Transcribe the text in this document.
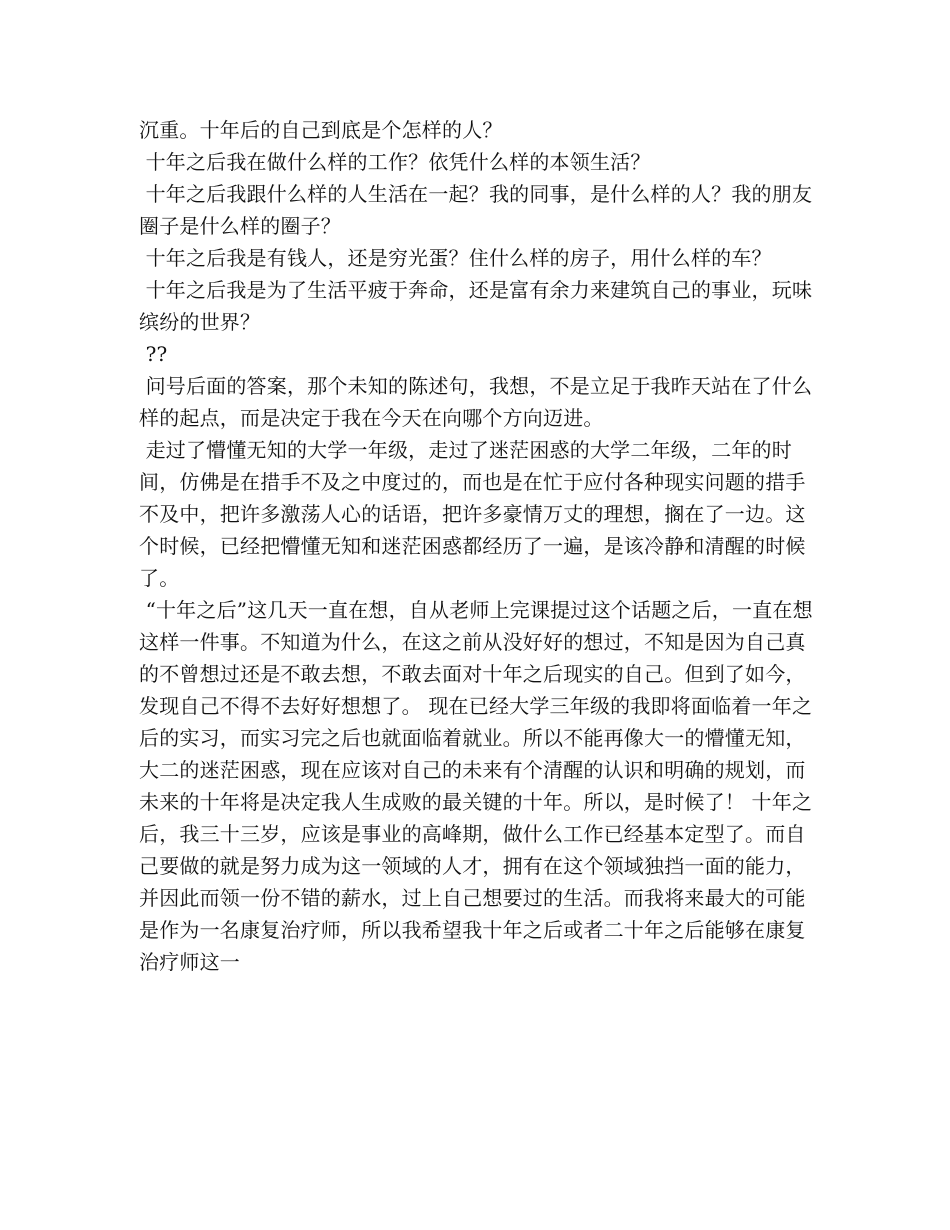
沉重。十年后的自己到底是个怎样的人？

十年之后我在做什么样的工作？依凭什么样的本领生活？

十年之后我跟什么样的人生活在一起？我的同事，是什么样的人？我的朋友圈子是什么样的圈子？

十年之后我是有钱人，还是穷光蛋？住什么样的房子，用什么样的车？

十年之后我是为了生活平疲于奔命，还是富有余力来建筑自己的事业，玩味缤纷的世界？

??

问号后面的答案，那个未知的陈述句，我想，不是立足于我昨天站在了什么样的起点，而是决定于我在今天在向哪个方向迈进。

走过了懵懂无知的大学一年级，走过了迷茫困惑的大学二年级，二年的时间，仿佛是在措手不及之中度过的，而也是在忙于应付各种现实问题的措手不及中，把许多激荡人心的话语，把许多豪情万丈的理想，搁在了一边。这个时候，已经把懵懂无知和迷茫困惑都经历了一遍，是该冷静和清醒的时候了。

“十年之后”这几天一直在想，自从老师上完课提过这个话题之后，一直在想这样一件事。不知道为什么，在这之前从没好好的想过，不知是因为自己真的不曾想过还是不敢去想，不敢去面对十年之后现实的自己。但到了如今，发现自己不得不去好好想想了。 现在已经大学三年级的我即将面临着一年之后的实习，而实习完之后也就面临着就业。所以不能再像大一的懵懂无知，大二的迷茫困惑，现在应该对自己的未来有个清醒的认识和明确的规划，而未来的十年将是决定我人生成败的最关键的十年。所以，是时候了！ 十年之后，我三十三岁，应该是事业的高峰期，做什么工作已经基本定型了。而自己要做的就是努力成为这一领域的人才，拥有在这个领域独挡一面的能力，并因此而领一份不错的薪水，过上自己想要过的生活。而我将来最大的可能是作为一名康复治疗师，所以我希望我十年之后或者二十年之后能够在康复治疗师这一
